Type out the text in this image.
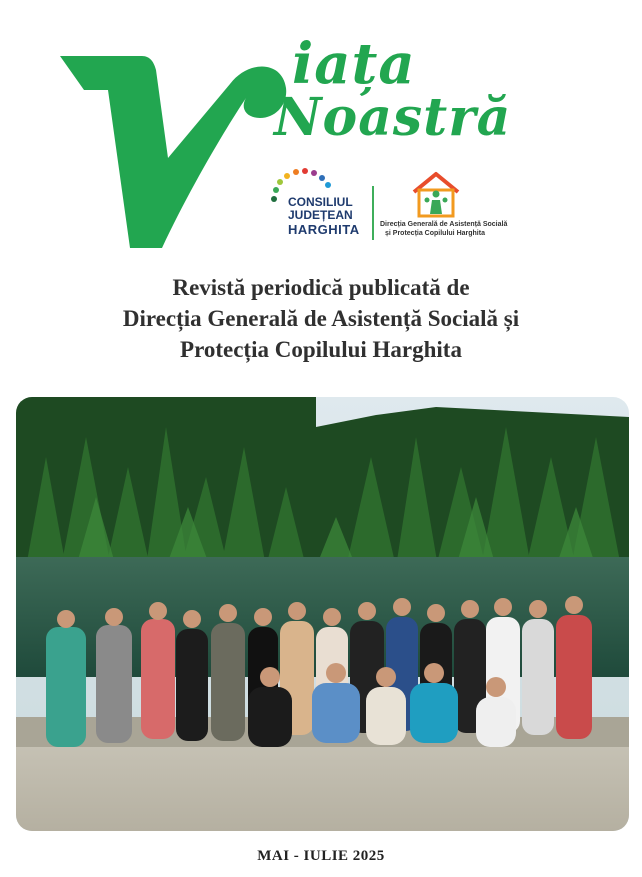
iața
Noastră
CONSILIUL
JUDEȚEAN
HARGHITA	Direcția Generală de Asistență Socială
și Protecția Copilului Harghita
Revistă periodică publicată de
Direcția Generală de Asistență Socială și
Protecția Copilului Harghita
MAI - IULIE 2025
